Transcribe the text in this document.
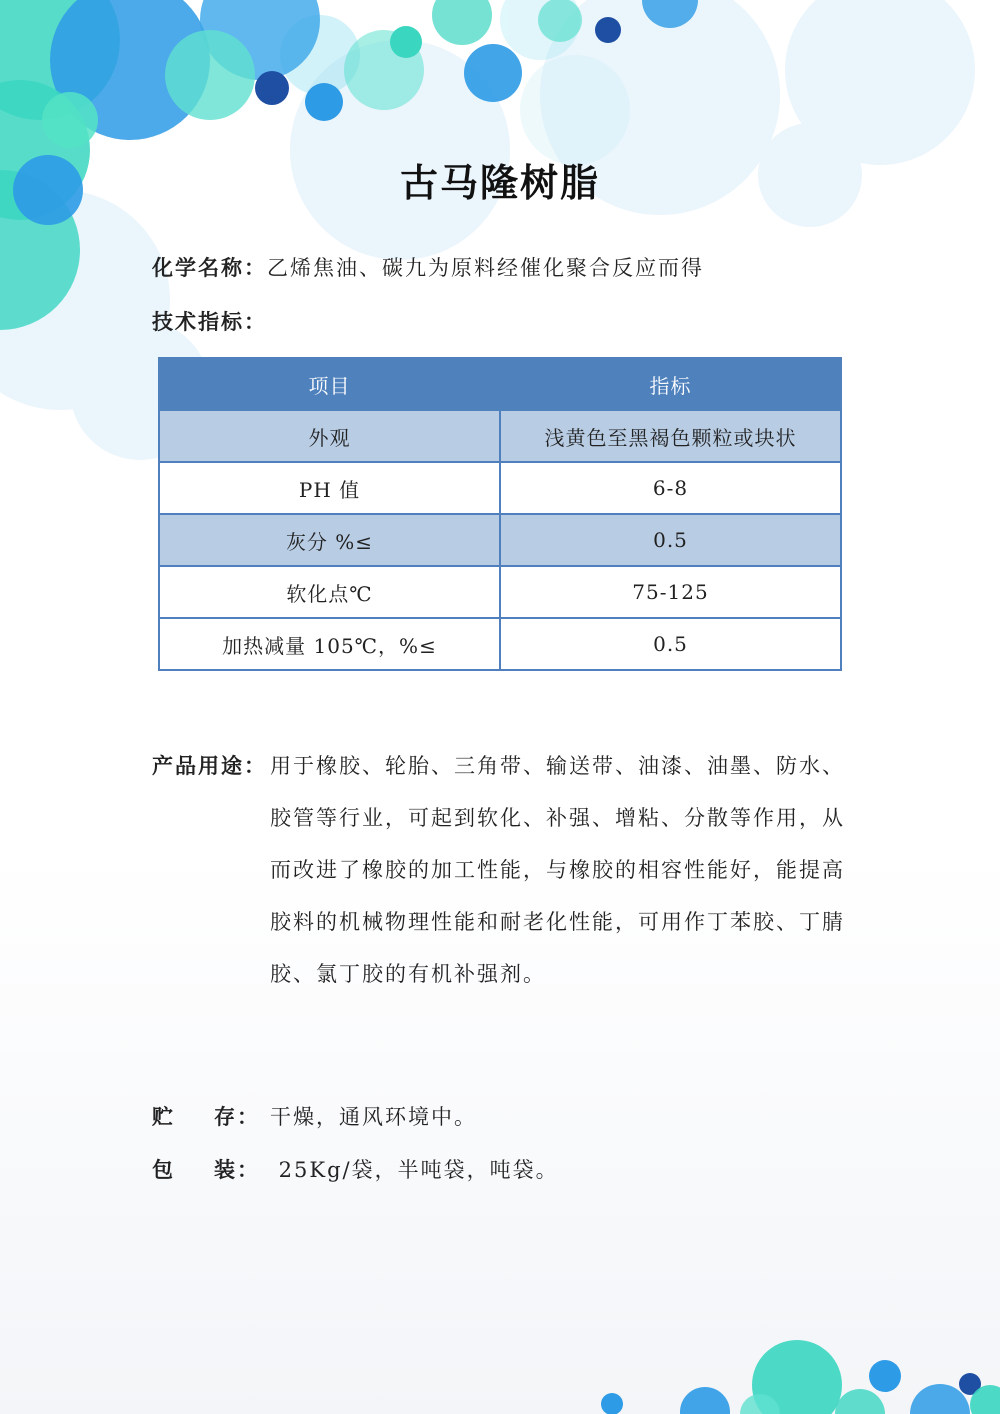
古马隆树脂
化学名称：乙烯焦油、碳九为原料经催化聚合反应而得
技术指标：
项目	指标
外观	浅黄色至黑褐色颗粒或块状
PH 值	6-8
灰分 %≤	0.5
软化点℃	75-125
加热减量 105℃，%≤	0.5
产品用途： 用于橡胶、轮胎、三角带、输送带、油漆、油墨、防水、
胶管等行业，可起到软化、补强、增粘、分散等作用，从
而改进了橡胶的加工性能，与橡胶的相容性能好，能提高
胶料的机械物理性能和耐老化性能，可用作丁苯胶、丁腈
胶、氯丁胶的有机补强剂。
贮 存： 干燥，通风环境中。
包 装： 25Kg/袋，半吨袋，吨袋。
